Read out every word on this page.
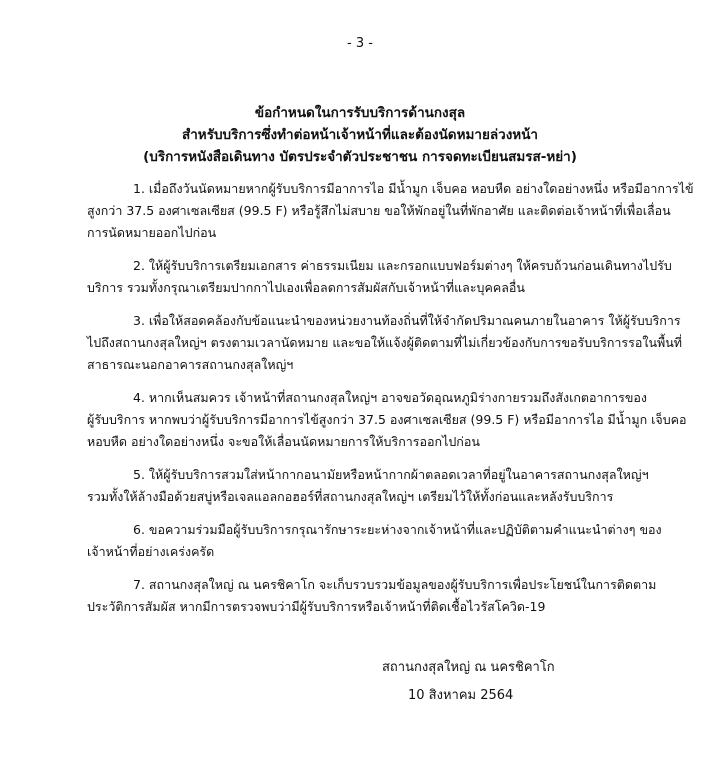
- 3 -
ข้อกำหนดในการรับบริการด้านกงสุล
สำหรับบริการซึ่งทำต่อหน้าเจ้าหน้าที่และต้องนัดหมายล่วงหน้า
(บริการหนังสือเดินทาง บัตรประจำตัวประชาชน การจดทะเบียนสมรส-หย่า)
1. เมื่อถึงวันนัดหมายหากผู้รับบริการมีอาการไอ มีน้ำมูก เจ็บคอ หอบหืด อย่างใดอย่างหนึ่ง หรือมีอาการไข้
สูงกว่า 37.5 องศาเซลเซียส (99.5 F) หรือรู้สึกไม่สบาย ขอให้พักอยู่ในที่พักอาศัย และติดต่อเจ้าหน้าที่เพื่อเลื่อน
การนัดหมายออกไปก่อน
2. ให้ผู้รับบริการเตรียมเอกสาร ค่าธรรมเนียม และกรอกแบบฟอร์มต่างๆ ให้ครบถ้วนก่อนเดินทางไปรับ
บริการ รวมทั้งกรุณาเตรียมปากกาไปเองเพื่อลดการสัมผัสกับเจ้าหน้าที่และบุคคลอื่น
3. เพื่อให้สอดคล้องกับข้อแนะนำของหน่วยงานท้องถิ่นที่ให้จำกัดปริมาณคนภายในอาคาร ให้ผู้รับบริการ
ไปถึงสถานกงสุลใหญ่ฯ ตรงตามเวลานัดหมาย และขอให้แจ้งผู้ติดตามที่ไม่เกี่ยวข้องกับการขอรับบริการรอในพื้นที่
สาธารณะนอกอาคารสถานกงสุลใหญ่ฯ
4. หากเห็นสมควร เจ้าหน้าที่สถานกงสุลใหญ่ฯ อาจขอวัดอุณหภูมิร่างกายรวมถึงสังเกตอาการของ
ผู้รับบริการ หากพบว่าผู้รับบริการมีอาการไข้สูงกว่า 37.5 องศาเซลเซียส (99.5 F) หรือมีอาการไอ มีน้ำมูก เจ็บคอ
หอบหืด อย่างใดอย่างหนึ่ง จะขอให้เลื่อนนัดหมายการให้บริการออกไปก่อน
5. ให้ผู้รับบริการสวมใส่หน้ากากอนามัยหรือหน้ากากผ้าตลอดเวลาที่อยู่ในอาคารสถานกงสุลใหญ่ฯ
รวมทั้งให้ล้างมือด้วยสบู่หรือเจลแอลกอฮอร์ที่สถานกงสุลใหญ่ฯ เตรียมไว้ให้ทั้งก่อนและหลังรับบริการ
6. ขอความร่วมมือผู้รับบริการกรุณารักษาระยะห่างจากเจ้าหน้าที่และปฏิบัติตามคำแนะนำต่างๆ ของ
เจ้าหน้าที่อย่างเคร่งครัด
7. สถานกงสุลใหญ่ ณ นครชิคาโก จะเก็บรวบรวมข้อมูลของผู้รับบริการเพื่อประโยชน์ในการติดตาม
ประวัติการสัมผัส หากมีการตรวจพบว่ามีผู้รับบริการหรือเจ้าหน้าที่ติดเชื้อไวรัสโควิด-19
สถานกงสุลใหญ่ ณ นครชิคาโก
10 สิงหาคม 2564
